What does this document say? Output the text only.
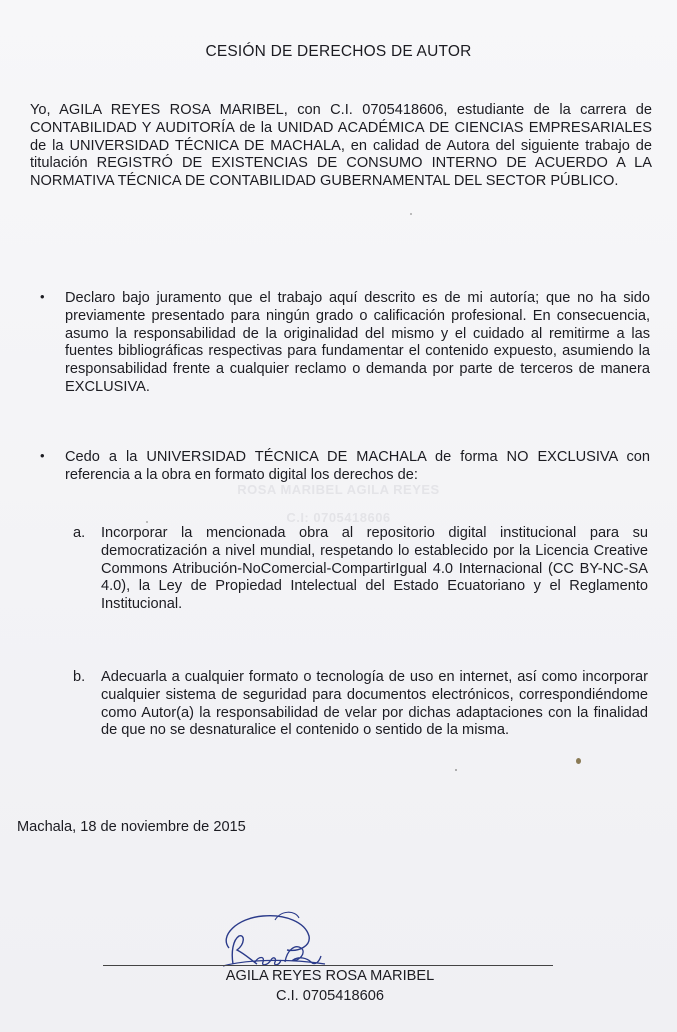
CESIÓN DE DERECHOS DE AUTOR
Yo, AGILA REYES ROSA MARIBEL, con C.I. 0705418606, estudiante de la carrera de CONTABILIDAD Y AUDITORÍA de la UNIDAD ACADÉMICA DE CIENCIAS EMPRESARIALES de la UNIVERSIDAD TÉCNICA DE MACHALA, en calidad de Autora del siguiente trabajo de titulación REGISTRÓ DE EXISTENCIAS DE CONSUMO INTERNO DE ACUERDO A LA NORMATIVA TÉCNICA DE CONTABILIDAD GUBERNAMENTAL DEL SECTOR PÚBLICO.
• Declaro bajo juramento que el trabajo aquí descrito es de mi autoría; que no ha sido previamente presentado para ningún grado o calificación profesional. En consecuencia, asumo la responsabilidad de la originalidad del mismo y el cuidado al remitirme a las fuentes bibliográficas respectivas para fundamentar el contenido expuesto, asumiendo la responsabilidad frente a cualquier reclamo o demanda por parte de terceros de manera EXCLUSIVA.
• Cedo a la UNIVERSIDAD TÉCNICA DE MACHALA de forma NO EXCLUSIVA con referencia a la obra en formato digital los derechos de:
ROSA MARIBEL AGILA REYES
C.I: 0705418606
a. Incorporar la mencionada obra al repositorio digital institucional para su democratización a nivel mundial, respetando lo establecido por la Licencia Creative Commons Atribución-NoComercial-CompartirIgual 4.0 Internacional (CC BY-NC-SA 4.0), la Ley de Propiedad Intelectual del Estado Ecuatoriano y el Reglamento Institucional.
b. Adecuarla a cualquier formato o tecnología de uso en internet, así como incorporar cualquier sistema de seguridad para documentos electrónicos, correspondiéndome como Autor(a) la responsabilidad de velar por dichas adaptaciones con la finalidad de que no se desnaturalice el contenido o sentido de la misma.
Machala, 18 de noviembre de 2015
AGILA REYES ROSA MARIBEL
C.I. 0705418606
